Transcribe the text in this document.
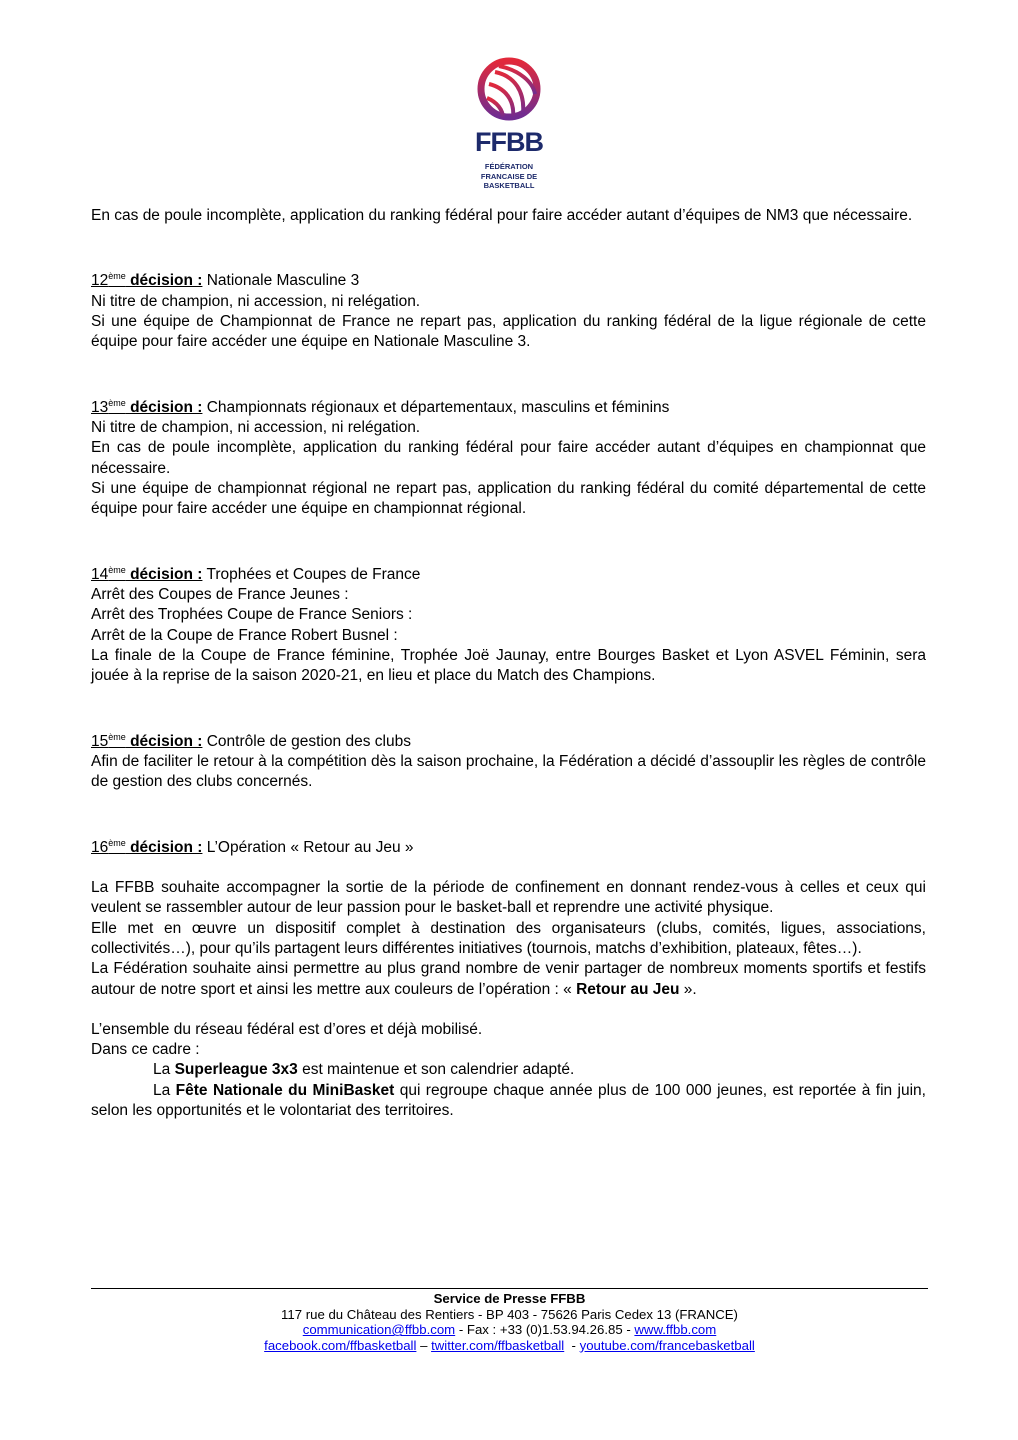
FFBB
FÉDÉRATION
FRANCAISE DE
BASKETBALL

En cas de poule incomplète, application du ranking fédéral pour faire accéder autant d’équipes de NM3 que nécessaire.

12ème décision : Nationale Masculine 3

Ni titre de champion, ni accession, ni relégation.

Si une équipe de Championnat de France ne repart pas, application du ranking fédéral de la ligue régionale de cette équipe pour faire accéder une équipe en Nationale Masculine 3.

13ème décision : Championnats régionaux et départementaux, masculins et féminins

Ni titre de champion, ni accession, ni relégation.

En cas de poule incomplète, application du ranking fédéral pour faire accéder autant d’équipes en championnat que nécessaire.

Si une équipe de championnat régional ne repart pas, application du ranking fédéral du comité départemental de cette équipe pour faire accéder une équipe en championnat régional.

14ème décision : Trophées et Coupes de France

Arrêt des Coupes de France Jeunes :

Arrêt des Trophées Coupe de France Seniors :

Arrêt de la Coupe de France Robert Busnel :

La finale de la Coupe de France féminine, Trophée Joë Jaunay, entre Bourges Basket et Lyon ASVEL Féminin, sera jouée à la reprise de la saison 2020-21, en lieu et place du Match des Champions.

15ème décision : Contrôle de gestion des clubs

Afin de faciliter le retour à la compétition dès la saison prochaine, la Fédération a décidé d’assouplir les règles de contrôle de gestion des clubs concernés.

16ème décision : L’Opération « Retour au Jeu »

La FFBB souhaite accompagner la sortie de la période de confinement en donnant rendez-vous à celles et ceux qui veulent se rassembler autour de leur passion pour le basket-ball et reprendre une activité physique.

Elle met en œuvre un dispositif complet à destination des organisateurs (clubs, comités, ligues, associations, collectivités…), pour qu’ils partagent leurs différentes initiatives (tournois, matchs d’exhibition, plateaux, fêtes…).

La Fédération souhaite ainsi permettre au plus grand nombre de venir partager de nombreux moments sportifs et festifs autour de notre sport et ainsi les mettre aux couleurs de l’opération : « Retour au Jeu ».

L’ensemble du réseau fédéral est d’ores et déjà mobilisé.

Dans ce cadre :

La Superleague 3x3 est maintenue et son calendrier adapté.

La Fête Nationale du MiniBasket qui regroupe chaque année plus de 100 000 jeunes, est reportée à fin juin, selon les opportunités et le volontariat des territoires.

Service de Presse FFBB
117 rue du Château des Rentiers - BP 403 - 75626 Paris Cedex 13 (FRANCE)
communication@ffbb.com - Fax : +33 (0)1.53.94.26.85 - www.ffbb.com
facebook.com/ffbasketball – twitter.com/ffbasketball  - youtube.com/francebasketball
